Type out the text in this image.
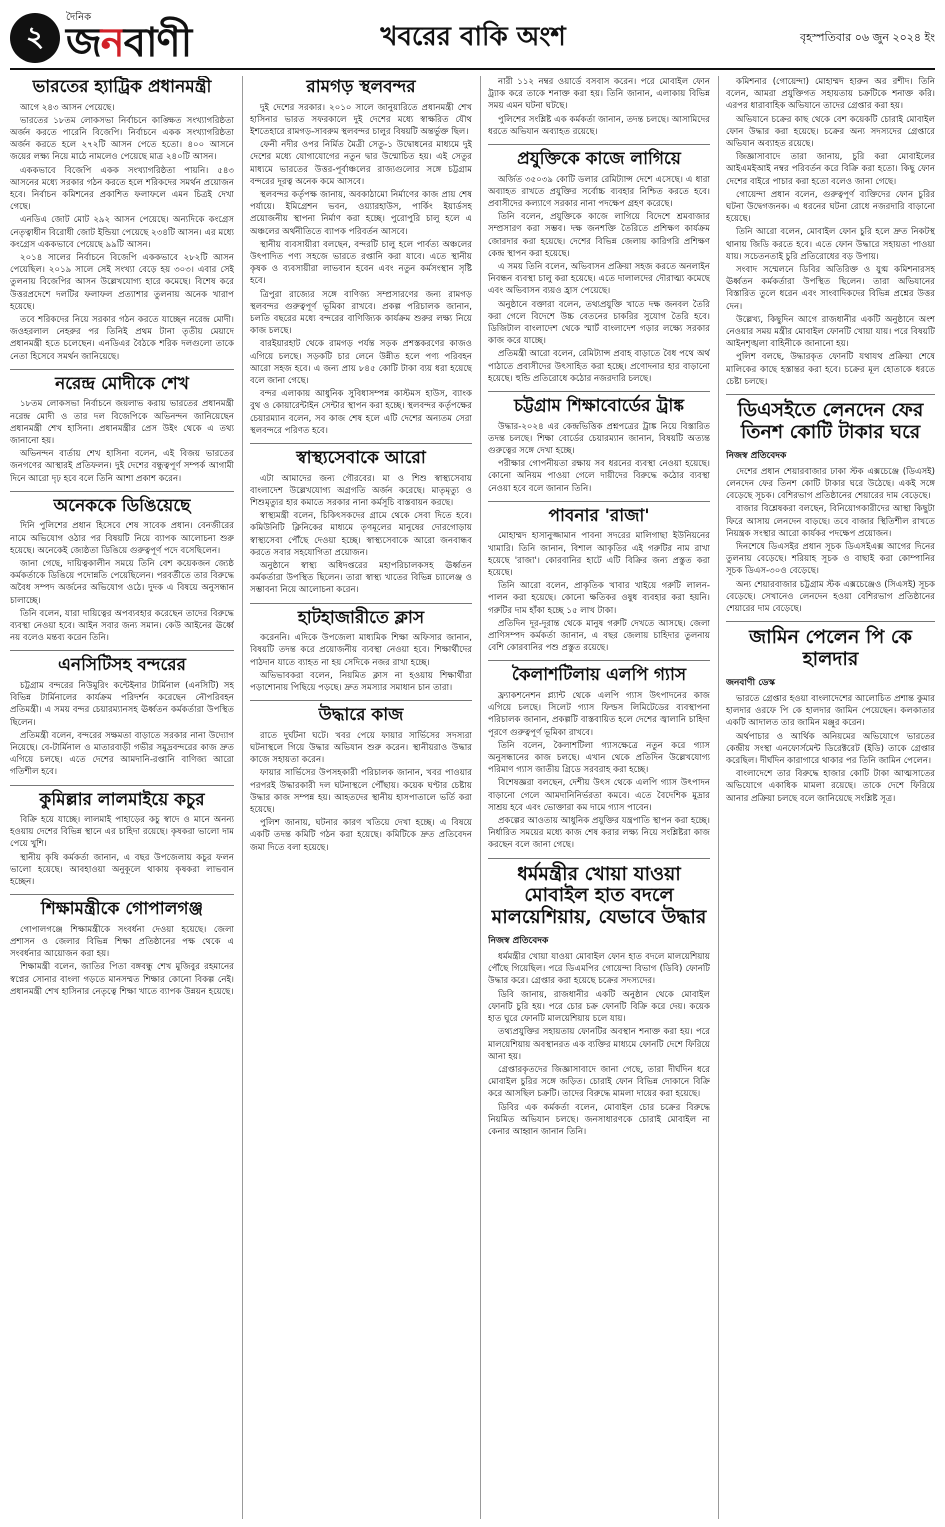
২
দৈনিক
জনবাণী	খবরের বাকি অংশ	বৃহস্পতিবার ০৬ জুন ২০২৪ ইং
ভারতের হ্যাট্রিক প্রধানমন্ত্রী

আগে ২৪৩ আসন পেয়েছে।

ভারতের ১৮তম লোকসভা নির্বাচনে কাঙ্ক্ষিত সংখ্যাগরিষ্ঠতা অর্জন করতে পারেনি বিজেপি। নির্বাচনে একক সংখ্যাগরিষ্ঠতা অর্জন করতে হলে ২৭২টি আসন পেতে হতো। ৪০০ আসনে জয়ের লক্ষ্য নিয়ে মাঠে নামলেও পেয়েছে মাত্র ২৪০টি আসন।

এককভাবে বিজেপি একক সংখ্যাগরিষ্ঠতা পায়নি। ৫৪৩ আসনের মধ্যে সরকার গঠন করতে হলে শরিকদের সমর্থন প্রয়োজন হবে। নির্বাচন কমিশনের প্রকাশিত ফলাফলে এমন চিত্রই দেখা গেছে।

এনডিএ জোট মোট ২৯২ আসন পেয়েছে। অন্যদিকে কংগ্রেস নেতৃত্বাধীন বিরোধী জোট ইন্ডিয়া পেয়েছে ২৩৪টি আসন। এর মধ্যে কংগ্রেস এককভাবে পেয়েছে ৯৯টি আসন।

২০১৪ সালের নির্বাচনে বিজেপি এককভাবে ২৮২টি আসন পেয়েছিল। ২০১৯ সালে সেই সংখ্যা বেড়ে হয় ৩০৩। এবার সেই তুলনায় বিজেপির আসন উল্লেখযোগ্য হারে কমেছে। বিশেষ করে উত্তরপ্রদেশে দলটির ফলাফল প্রত্যাশার তুলনায় অনেক খারাপ হয়েছে।

তবে শরিকদের নিয়ে সরকার গঠন করতে যাচ্ছেন নরেন্দ্র মোদী। জওহরলাল নেহরুর পর তিনিই প্রথম টানা তৃতীয় মেয়াদে প্রধানমন্ত্রী হতে চলেছেন। এনডিএর বৈঠকে শরিক দলগুলো তাকে নেতা হিসেবে সমর্থন জানিয়েছে।

নরেন্দ্র মোদীকে শেখ

১৮তম লোকসভা নির্বাচনে জয়লাভ করায় ভারতের প্রধানমন্ত্রী নরেন্দ্র মোদী ও তার দল বিজেপিকে অভিনন্দন জানিয়েছেন প্রধানমন্ত্রী শেখ হাসিনা। প্রধানমন্ত্রীর প্রেস উইং থেকে এ তথ্য জানানো হয়।

অভিনন্দন বার্তায় শেখ হাসিনা বলেন, এই বিজয় ভারতের জনগণের আস্থারই প্রতিফলন। দুই দেশের বন্ধুত্বপূর্ণ সম্পর্ক আগামী দিনে আরো দৃঢ় হবে বলে তিনি আশা প্রকাশ করেন।

অনেককে ডিঙিয়েছে

দিনি পুলিশের প্রধান হিসেবে শেষ সাবেক প্রধান। বেনজীরের নামে অভিযোগ ওঠার পর বিষয়টি নিয়ে ব্যাপক আলোচনা শুরু হয়েছে। অনেকেই জ্যেষ্ঠতা ডিঙিয়ে গুরুত্বপূর্ণ পদে বসেছিলেন।

জানা গেছে, দায়িত্বকালীন সময়ে তিনি বেশ কয়েকজন জ্যেষ্ঠ কর্মকর্তাকে ডিঙিয়ে পদোন্নতি পেয়েছিলেন। পরবর্তীতে তার বিরুদ্ধে অবৈধ সম্পদ অর্জনের অভিযোগ ওঠে। দুদক এ বিষয়ে অনুসন্ধান চালাচ্ছে।

তিনি বলেন, যারা দায়িত্বের অপব্যবহার করেছেন তাদের বিরুদ্ধে ব্যবস্থা নেওয়া হবে। আইন সবার জন্য সমান। কেউ আইনের ঊর্ধ্বে নয় বলেও মন্তব্য করেন তিনি।

এনসিটিসহ বন্দরের

চট্টগ্রাম বন্দরের নিউমুরিং কন্টেইনার টার্মিনাল (এনসিটি) সহ বিভিন্ন টার্মিনালের কার্যক্রম পরিদর্শন করেছেন নৌপরিবহন প্রতিমন্ত্রী। এ সময় বন্দর চেয়ারম্যানসহ ঊর্ধ্বতন কর্মকর্তারা উপস্থিত ছিলেন।

প্রতিমন্ত্রী বলেন, বন্দরের সক্ষমতা বাড়াতে সরকার নানা উদ্যোগ নিয়েছে। বে-টার্মিনাল ও মাতারবাড়ী গভীর সমুদ্রবন্দরের কাজ দ্রুত এগিয়ে চলছে। এতে দেশের আমদানি-রপ্তানি বাণিজ্য আরো গতিশীল হবে।

কুমিল্লার লালমাইয়ে কচুর

বিক্রি হয়ে যাচ্ছে। লালমাই পাহাড়ের কচু স্বাদে ও মানে অনন্য হওয়ায় দেশের বিভিন্ন স্থানে এর চাহিদা রয়েছে। কৃষকরা ভালো দাম পেয়ে খুশি।

স্থানীয় কৃষি কর্মকর্তা জানান, এ বছর উপজেলায় কচুর ফলন ভালো হয়েছে। আবহাওয়া অনুকূলে থাকায় কৃষকরা লাভবান হচ্ছেন।

শিক্ষামন্ত্রীকে গোপালগঞ্জ

গোপালগঞ্জে শিক্ষামন্ত্রীকে সংবর্ধনা দেওয়া হয়েছে। জেলা প্রশাসন ও জেলার বিভিন্ন শিক্ষা প্রতিষ্ঠানের পক্ষ থেকে এ সংবর্ধনার আয়োজন করা হয়।

শিক্ষামন্ত্রী বলেন, জাতির পিতা বঙ্গবন্ধু শেখ মুজিবুর রহমানের স্বপ্নের সোনার বাংলা গড়তে মানসম্মত শিক্ষার কোনো বিকল্প নেই। প্রধানমন্ত্রী শেখ হাসিনার নেতৃত্বে শিক্ষা খাতে ব্যাপক উন্নয়ন হয়েছে।

রামগড় স্থলবন্দর

দুই দেশের সরকার। ২০১০ সালে জানুয়ারিতে প্রধানমন্ত্রী শেখ হাসিনার ভারত সফরকালে দুই দেশের মধ্যে স্বাক্ষরিত যৌথ ইশতেহারে রামগড়-সাবরুম স্থলবন্দর চালুর বিষয়টি অন্তর্ভুক্ত ছিল।

ফেনী নদীর ওপর নির্মিত মৈত্রী সেতু-১ উদ্বোধনের মাধ্যমে দুই দেশের মধ্যে যোগাযোগের নতুন দ্বার উন্মোচিত হয়। এই সেতুর মাধ্যমে ভারতের উত্তর-পূর্বাঞ্চলের রাজ্যগুলোর সঙ্গে চট্টগ্রাম বন্দরের দূরত্ব অনেক কমে আসবে।

স্থলবন্দর কর্তৃপক্ষ জানায়, অবকাঠামো নির্মাণের কাজ প্রায় শেষ পর্যায়ে। ইমিগ্রেশন ভবন, ওয়্যারহাউস, পার্কিং ইয়ার্ডসহ প্রয়োজনীয় স্থাপনা নির্মাণ করা হচ্ছে। পুরোপুরি চালু হলে এ অঞ্চলের অর্থনীতিতে ব্যাপক পরিবর্তন আসবে।

স্থানীয় ব্যবসায়ীরা বলছেন, বন্দরটি চালু হলে পার্বত্য অঞ্চলের উৎপাদিত পণ্য সহজে ভারতে রপ্তানি করা যাবে। এতে স্থানীয় কৃষক ও ব্যবসায়ীরা লাভবান হবেন এবং নতুন কর্মসংস্থান সৃষ্টি হবে।

ত্রিপুরা রাজ্যের সঙ্গে বাণিজ্য সম্প্রসারণের জন্য রামগড় স্থলবন্দর গুরুত্বপূর্ণ ভূমিকা রাখবে। প্রকল্প পরিচালক জানান, চলতি বছরের মধ্যে বন্দরের বাণিজ্যিক কার্যক্রম শুরুর লক্ষ্য নিয়ে কাজ চলছে।

বারইয়ারহাট থেকে রামগড় পর্যন্ত সড়ক প্রশস্তকরণের কাজও এগিয়ে চলছে। সড়কটি চার লেনে উন্নীত হলে পণ্য পরিবহন আরো সহজ হবে। এ জন্য প্রায় ৮৪৫ কোটি টাকা ব্যয় ধরা হয়েছে বলে জানা গেছে।

বন্দর এলাকায় আধুনিক সুবিধাসম্পন্ন কাস্টমস হাউস, ব্যাংক বুথ ও কোয়ারেন্টাইন সেন্টার স্থাপন করা হচ্ছে। স্থলবন্দর কর্তৃপক্ষের চেয়ারম্যান বলেন, সব কাজ শেষ হলে এটি দেশের অন্যতম সেরা স্থলবন্দরে পরিণত হবে।

স্বাস্থ্যসেবাকে আরো

এটা আমাদের জন্য গৌরবের। মা ও শিশু স্বাস্থ্যসেবায় বাংলাদেশ উল্লেখযোগ্য অগ্রগতি অর্জন করেছে। মাতৃমৃত্যু ও শিশুমৃত্যুর হার কমাতে সরকার নানা কর্মসূচি বাস্তবায়ন করছে।

স্বাস্থ্যমন্ত্রী বলেন, চিকিৎসকদের গ্রামে থেকে সেবা দিতে হবে। কমিউনিটি ক্লিনিকের মাধ্যমে তৃণমূলের মানুষের দোরগোড়ায় স্বাস্থ্যসেবা পৌঁছে দেওয়া হচ্ছে। স্বাস্থ্যসেবাকে আরো জনবান্ধব করতে সবার সহযোগিতা প্রয়োজন।

অনুষ্ঠানে স্বাস্থ্য অধিদপ্তরের মহাপরিচালকসহ ঊর্ধ্বতন কর্মকর্তারা উপস্থিত ছিলেন। তারা স্বাস্থ্য খাতের বিভিন্ন চ্যালেঞ্জ ও সম্ভাবনা নিয়ে আলোচনা করেন।

হাটহাজারীতে ক্লাস

করেননি। এদিকে উপজেলা মাধ্যমিক শিক্ষা অফিসার জানান, বিষয়টি তদন্ত করে প্রয়োজনীয় ব্যবস্থা নেওয়া হবে। শিক্ষার্থীদের পাঠদান যাতে ব্যাহত না হয় সেদিকে নজর রাখা হচ্ছে।

অভিভাবকরা বলেন, নিয়মিত ক্লাস না হওয়ায় শিক্ষার্থীরা পড়াশোনায় পিছিয়ে পড়ছে। দ্রুত সমস্যার সমাধান চান তারা।

উদ্ধারে কাজ

রাতে দুর্ঘটনা ঘটে। খবর পেয়ে ফায়ার সার্ভিসের সদস্যরা ঘটনাস্থলে গিয়ে উদ্ধার অভিযান শুরু করেন। স্থানীয়রাও উদ্ধার কাজে সহায়তা করেন।

ফায়ার সার্ভিসের উপসহকারী পরিচালক জানান, খবর পাওয়ার পরপরই উদ্ধারকারী দল ঘটনাস্থলে পৌঁছায়। কয়েক ঘণ্টার চেষ্টায় উদ্ধার কাজ সম্পন্ন হয়। আহতদের স্থানীয় হাসপাতালে ভর্তি করা হয়েছে।

পুলিশ জানায়, ঘটনার কারণ খতিয়ে দেখা হচ্ছে। এ বিষয়ে একটি তদন্ত কমিটি গঠন করা হয়েছে। কমিটিকে দ্রুত প্রতিবেদন জমা দিতে বলা হয়েছে।

নারী ১১২ নম্বর ওয়ার্ডে বসবাস করেন। পরে মোবাইল ফোন ট্র্যাক করে তাকে শনাক্ত করা হয়। তিনি জানান, এলাকায় বিভিন্ন সময় এমন ঘটনা ঘটছে।

পুলিশের সংশ্লিষ্ট এক কর্মকর্তা জানান, তদন্ত চলছে। আসামিদের ধরতে অভিযান অব্যাহত রয়েছে।

প্রযুক্তিকে কাজে লাগিয়ে

অর্জিত ৩৫০৩৯ কোটি ডলার রেমিট্যান্স দেশে এসেছে। এ ধারা অব্যাহত রাখতে প্রযুক্তির সর্বোচ্চ ব্যবহার নিশ্চিত করতে হবে। প্রবাসীদের কল্যাণে সরকার নানা পদক্ষেপ গ্রহণ করেছে।

তিনি বলেন, প্রযুক্তিকে কাজে লাগিয়ে বিদেশে শ্রমবাজার সম্প্রসারণ করা সম্ভব। দক্ষ জনশক্তি তৈরিতে প্রশিক্ষণ কার্যক্রম জোরদার করা হয়েছে। দেশের বিভিন্ন জেলায় কারিগরি প্রশিক্ষণ কেন্দ্র স্থাপন করা হয়েছে।

এ সময় তিনি বলেন, অভিবাসন প্রক্রিয়া সহজ করতে অনলাইন নিবন্ধন ব্যবস্থা চালু করা হয়েছে। এতে দালালদের দৌরাত্ম্য কমেছে এবং অভিবাসন ব্যয়ও হ্রাস পেয়েছে।

অনুষ্ঠানে বক্তারা বলেন, তথ্যপ্রযুক্তি খাতে দক্ষ জনবল তৈরি করা গেলে বিদেশে উচ্চ বেতনের চাকরির সুযোগ তৈরি হবে। ডিজিটাল বাংলাদেশ থেকে স্মার্ট বাংলাদেশ গড়ার লক্ষ্যে সরকার কাজ করে যাচ্ছে।

প্রতিমন্ত্রী আরো বলেন, রেমিট্যান্স প্রবাহ বাড়াতে বৈধ পথে অর্থ পাঠাতে প্রবাসীদের উৎসাহিত করা হচ্ছে। প্রণোদনার হার বাড়ানো হয়েছে। হুন্ডি প্রতিরোধে কঠোর নজরদারি চলছে।

চট্টগ্রাম শিক্ষাবোর্ডের ট্রাঙ্ক

উদ্ধার-২০২৪ এর কেন্দ্রভিত্তিক প্রশ্নপত্রের ট্রাঙ্ক নিয়ে বিস্তারিত তদন্ত চলছে। শিক্ষা বোর্ডের চেয়ারম্যান জানান, বিষয়টি অত্যন্ত গুরুত্বের সঙ্গে দেখা হচ্ছে।

পরীক্ষার গোপনীয়তা রক্ষায় সব ধরনের ব্যবস্থা নেওয়া হয়েছে। কোনো অনিয়ম পাওয়া গেলে দায়ীদের বিরুদ্ধে কঠোর ব্যবস্থা নেওয়া হবে বলে জানান তিনি।

পাবনার 'রাজা'

মোহাম্মদ হাসানুজ্জামান পাবনা সদরের মালিগাছা ইউনিয়নের খামারি। তিনি জানান, বিশাল আকৃতির এই গরুটির নাম রাখা হয়েছে 'রাজা'। কোরবানির হাটে এটি বিক্রির জন্য প্রস্তুত করা হয়েছে।

তিনি আরো বলেন, প্রাকৃতিক খাবার খাইয়ে গরুটি লালন-পালন করা হয়েছে। কোনো ক্ষতিকর ওষুধ ব্যবহার করা হয়নি। গরুটির দাম হাঁকা হচ্ছে ১৫ লাখ টাকা।

প্রতিদিন দূর-দূরান্ত থেকে মানুষ গরুটি দেখতে আসছে। জেলা প্রাণিসম্পদ কর্মকর্তা জানান, এ বছর জেলায় চাহিদার তুলনায় বেশি কোরবানির পশু প্রস্তুত রয়েছে।

কৈলাশটিলায় এলপি গ্যাস

ফ্র্যাকশনেশন প্ল্যান্ট থেকে এলপি গ্যাস উৎপাদনের কাজ এগিয়ে চলছে। সিলেট গ্যাস ফিল্ডস লিমিটেডের ব্যবস্থাপনা পরিচালক জানান, প্রকল্পটি বাস্তবায়িত হলে দেশের জ্বালানি চাহিদা পূরণে গুরুত্বপূর্ণ ভূমিকা রাখবে।

তিনি বলেন, কৈলাশটিলা গ্যাসক্ষেত্রে নতুন করে গ্যাস অনুসন্ধানের কাজ চলছে। এখান থেকে প্রতিদিন উল্লেখযোগ্য পরিমাণ গ্যাস জাতীয় গ্রিডে সরবরাহ করা হচ্ছে।

বিশেষজ্ঞরা বলছেন, দেশীয় উৎস থেকে এলপি গ্যাস উৎপাদন বাড়ানো গেলে আমদানিনির্ভরতা কমবে। এতে বৈদেশিক মুদ্রার সাশ্রয় হবে এবং ভোক্তারা কম দামে গ্যাস পাবেন।

প্রকল্পের আওতায় আধুনিক প্রযুক্তির যন্ত্রপাতি স্থাপন করা হচ্ছে। নির্ধারিত সময়ের মধ্যে কাজ শেষ করার লক্ষ্য নিয়ে সংশ্লিষ্টরা কাজ করছেন বলে জানা গেছে।

ধর্মমন্ত্রীর খোয়া যাওয়া মোবাইল হাত বদলে মালয়েশিয়ায়, যেভাবে উদ্ধার
নিজস্ব প্রতিবেদক

ধর্মমন্ত্রীর খোয়া যাওয়া মোবাইল ফোন হাত বদলে মালয়েশিয়ায় পৌঁছে গিয়েছিল। পরে ডিএমপির গোয়েন্দা বিভাগ (ডিবি) ফোনটি উদ্ধার করে। গ্রেপ্তার করা হয়েছে চক্রের সদস্যদের।

ডিবি জানায়, রাজধানীর একটি অনুষ্ঠান থেকে মোবাইল ফোনটি চুরি হয়। পরে চোর চক্র ফোনটি বিক্রি করে দেয়। কয়েক হাত ঘুরে ফোনটি মালয়েশিয়ায় চলে যায়।

তথ্যপ্রযুক্তির সহায়তায় ফোনটির অবস্থান শনাক্ত করা হয়। পরে মালয়েশিয়ায় অবস্থানরত এক ব্যক্তির মাধ্যমে ফোনটি দেশে ফিরিয়ে আনা হয়।

গ্রেপ্তারকৃতদের জিজ্ঞাসাবাদে জানা গেছে, তারা দীর্ঘদিন ধরে মোবাইল চুরির সঙ্গে জড়িত। চোরাই ফোন বিভিন্ন দোকানে বিক্রি করে আসছিল চক্রটি। তাদের বিরুদ্ধে মামলা দায়ের করা হয়েছে।

ডিবির এক কর্মকর্তা বলেন, মোবাইল চোর চক্রের বিরুদ্ধে নিয়মিত অভিযান চলছে। জনসাধারণকে চোরাই মোবাইল না কেনার আহ্বান জানান তিনি।

কমিশনার (গোয়েন্দা) মোহাম্মদ হারুন অর রশীদ। তিনি বলেন, আমরা প্রযুক্তিগত সহায়তায় চক্রটিকে শনাক্ত করি। এরপর ধারাবাহিক অভিযানে তাদের গ্রেপ্তার করা হয়।

অভিযানে চক্রের কাছ থেকে বেশ কয়েকটি চোরাই মোবাইল ফোন উদ্ধার করা হয়েছে। চক্রের অন্য সদস্যদের গ্রেপ্তারে অভিযান অব্যাহত রয়েছে।

জিজ্ঞাসাবাদে তারা জানায়, চুরি করা মোবাইলের আইএমইআই নম্বর পরিবর্তন করে বিক্রি করা হতো। কিছু ফোন দেশের বাইরে পাচার করা হতো বলেও জানা গেছে।

গোয়েন্দা প্রধান বলেন, গুরুত্বপূর্ণ ব্যক্তিদের ফোন চুরির ঘটনা উদ্বেগজনক। এ ধরনের ঘটনা রোধে নজরদারি বাড়ানো হয়েছে।

তিনি আরো বলেন, মোবাইল ফোন চুরি হলে দ্রুত নিকটস্থ থানায় জিডি করতে হবে। এতে ফোন উদ্ধারে সহায়তা পাওয়া যায়। সচেতনতাই চুরি প্রতিরোধের বড় উপায়।

সংবাদ সম্মেলনে ডিবির অতিরিক্ত ও যুগ্ম কমিশনারসহ ঊর্ধ্বতন কর্মকর্তারা উপস্থিত ছিলেন। তারা অভিযানের বিস্তারিত তুলে ধরেন এবং সাংবাদিকদের বিভিন্ন প্রশ্নের উত্তর দেন।

উল্লেখ্য, কিছুদিন আগে রাজধানীর একটি অনুষ্ঠানে অংশ নেওয়ার সময় মন্ত্রীর মোবাইল ফোনটি খোয়া যায়। পরে বিষয়টি আইনশৃঙ্খলা বাহিনীকে জানানো হয়।

পুলিশ বলছে, উদ্ধারকৃত ফোনটি যথাযথ প্রক্রিয়া শেষে মালিকের কাছে হস্তান্তর করা হবে। চক্রের মূল হোতাকে ধরতে চেষ্টা চলছে।

ডিএসইতে লেনদেন ফের তিনশ কোটি টাকার ঘরে
নিজস্ব প্রতিবেদক

দেশের প্রধান শেয়ারবাজার ঢাকা স্টক এক্সচেঞ্জে (ডিএসই) লেনদেন ফের তিনশ কোটি টাকার ঘরে উঠেছে। একই সঙ্গে বেড়েছে সূচক। বেশিরভাগ প্রতিষ্ঠানের শেয়ারের দাম বেড়েছে।

বাজার বিশ্লেষকরা বলছেন, বিনিয়োগকারীদের আস্থা কিছুটা ফিরে আসায় লেনদেন বাড়ছে। তবে বাজার স্থিতিশীল রাখতে নিয়ন্ত্রক সংস্থার আরো কার্যকর পদক্ষেপ প্রয়োজন।

দিনশেষে ডিএসইর প্রধান সূচক ডিএসইএক্স আগের দিনের তুলনায় বেড়েছে। শরিয়াহ সূচক ও বাছাই করা কোম্পানির সূচক ডিএস-৩০ও বেড়েছে।

অন্য শেয়ারবাজার চট্টগ্রাম স্টক এক্সচেঞ্জেও (সিএসই) সূচক বেড়েছে। সেখানেও লেনদেন হওয়া বেশিরভাগ প্রতিষ্ঠানের শেয়ারের দাম বেড়েছে।

জামিন পেলেন পি কে হালদার
জনবাণী ডেস্ক

ভারতে গ্রেপ্তার হওয়া বাংলাদেশের আলোচিত প্রশান্ত কুমার হালদার ওরফে পি কে হালদার জামিন পেয়েছেন। কলকাতার একটি আদালত তার জামিন মঞ্জুর করেন।

অর্থপাচার ও আর্থিক অনিয়মের অভিযোগে ভারতের কেন্দ্রীয় সংস্থা এনফোর্সমেন্ট ডিরেক্টরেট (ইডি) তাকে গ্রেপ্তার করেছিল। দীর্ঘদিন কারাগারে থাকার পর তিনি জামিন পেলেন।

বাংলাদেশে তার বিরুদ্ধে হাজার কোটি টাকা আত্মসাতের অভিযোগে একাধিক মামলা রয়েছে। তাকে দেশে ফিরিয়ে আনার প্রক্রিয়া চলছে বলে জানিয়েছে সংশ্লিষ্ট সূত্র।
